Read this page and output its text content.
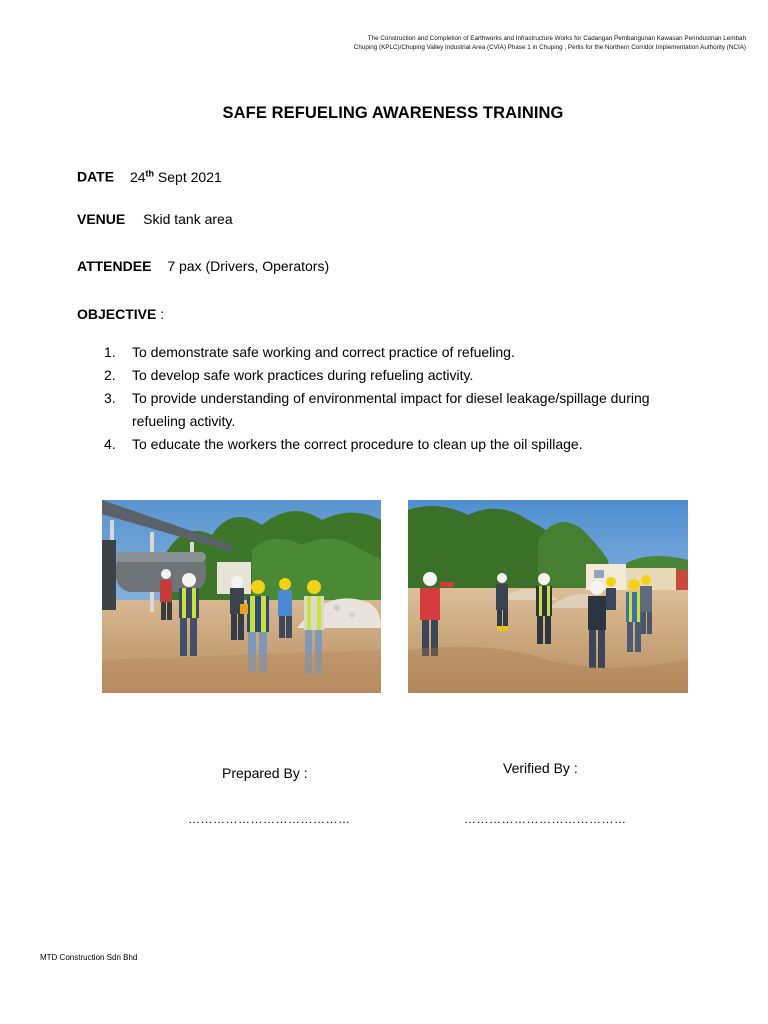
The Construction and Completion of Earthworks and Infrastructure Works for Cadangan Pembangunan Kawasan Perindustrian Lembah
Chuping (KPLC)/Chuping Valley Industrial Area (CVIA) Phase 1 in Chuping , Perlis for the Northern Corridor Implementation Authority (NCIA)
SAFE REFUELING AWARENESS TRAINING
DATE 24th Sept 2021
VENUE Skid tank area
ATTENDEE 7 pax (Drivers, Operators)
OBJECTIVE :
1. To demonstrate safe working and correct practice of refueling.
2. To develop safe work practices during refueling activity.
3. To provide understanding of environmental impact for diesel leakage/spillage during refueling activity.
4. To educate the workers the correct procedure to clean up the oil spillage.
Prepared By :
…………………………………
Verified By :
…………………………………
MTD Construction Sdn Bhd
